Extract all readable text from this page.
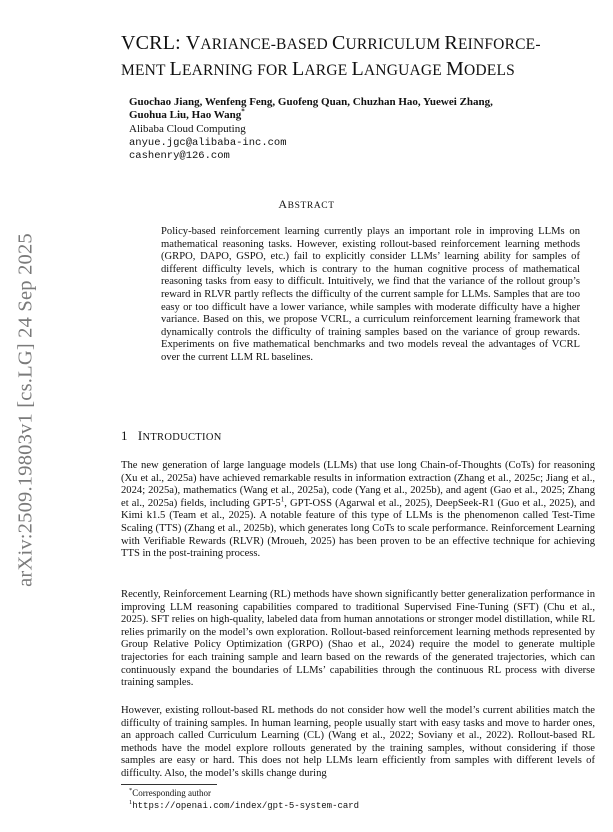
arXiv:2509.19803v1 [cs.LG] 24 Sep 2025
VCRL: VARIANCE-BASED CURRICULUM REINFORCE-
MENT LEARNING FOR LARGE LANGUAGE MODELS
Guochao Jiang, Wenfeng Feng, Guofeng Quan, Chuzhan Hao, Yuewei Zhang,
Guohua Liu, Hao Wang*
Alibaba Cloud Computing
anyue.jgc@alibaba-inc.com
cashenry@126.com
ABSTRACT

Policy-based reinforcement learning currently plays an important role in improving LLMs on mathematical reasoning tasks. However, existing rollout-based reinforcement learning methods (GRPO, DAPO, GSPO, etc.) fail to explicitly consider LLMs’ learning ability for samples of different difficulty levels, which is contrary to the human cognitive process of mathematical reasoning tasks from easy to difficult. Intuitively, we find that the variance of the rollout group’s reward in RLVR partly reflects the difficulty of the current sample for LLMs. Samples that are too easy or too difficult have a lower variance, while samples with moderate difficulty have a higher variance. Based on this, we propose VCRL, a curriculum reinforcement learning framework that dynamically controls the difficulty of training samples based on the variance of group rewards. Experiments on five mathematical benchmarks and two models reveal the advantages of VCRL over the current LLM RL baselines.

1 INTRODUCTION

The new generation of large language models (LLMs) that use long Chain-of-Thoughts (CoTs) for reasoning (Xu et al., 2025a) have achieved remarkable results in information extraction (Zhang et al., 2025c; Jiang et al., 2024; 2025a), mathematics (Wang et al., 2025a), code (Yang et al., 2025b), and agent (Gao et al., 2025; Zhang et al., 2025a) fields, including GPT-$5^1$, GPT-OSS (Agarwal et al., 2025), DeepSeek-R1 (Guo et al., 2025), and Kimi k1.5 (Team et al., 2025). A notable feature of this type of LLMs is the phenomenon called Test-Time Scaling (TTS) (Zhang et al., 2025b), which generates long CoTs to scale performance. Reinforcement Learning with Verifiable Rewards (RLVR) (Mroueh, 2025) has been proven to be an effective technique for achieving TTS in the post-training process.

Recently, Reinforcement Learning (RL) methods have shown significantly better generalization performance in improving LLM reasoning capabilities compared to traditional Supervised Fine-Tuning (SFT) (Chu et al., 2025). SFT relies on high-quality, labeled data from human annotations or stronger model distillation, while RL relies primarily on the model’s own exploration. Rollout-based reinforcement learning methods represented by Group Relative Policy Optimization (GRPO) (Shao et al., 2024) require the model to generate multiple trajectories for each training sample and learn based on the rewards of the generated trajectories, which can continuously expand the boundaries of LLMs’ capabilities through the continuous RL process with diverse training samples.

However, existing rollout-based RL methods do not consider how well the model’s current abilities match the difficulty of training samples. In human learning, people usually start with easy tasks and move to harder ones, an approach called Curriculum Learning (CL) (Wang et al., 2022; Soviany et al., 2022). Rollout-based RL methods have the model explore rollouts generated by the training samples, without considering if those samples are easy or hard. This does not help LLMs learn efficiently from samples with different levels of difficulty. Also, the model’s skills change during

*Corresponding author
$^1$https://openai.com/index/gpt-5-system-card
